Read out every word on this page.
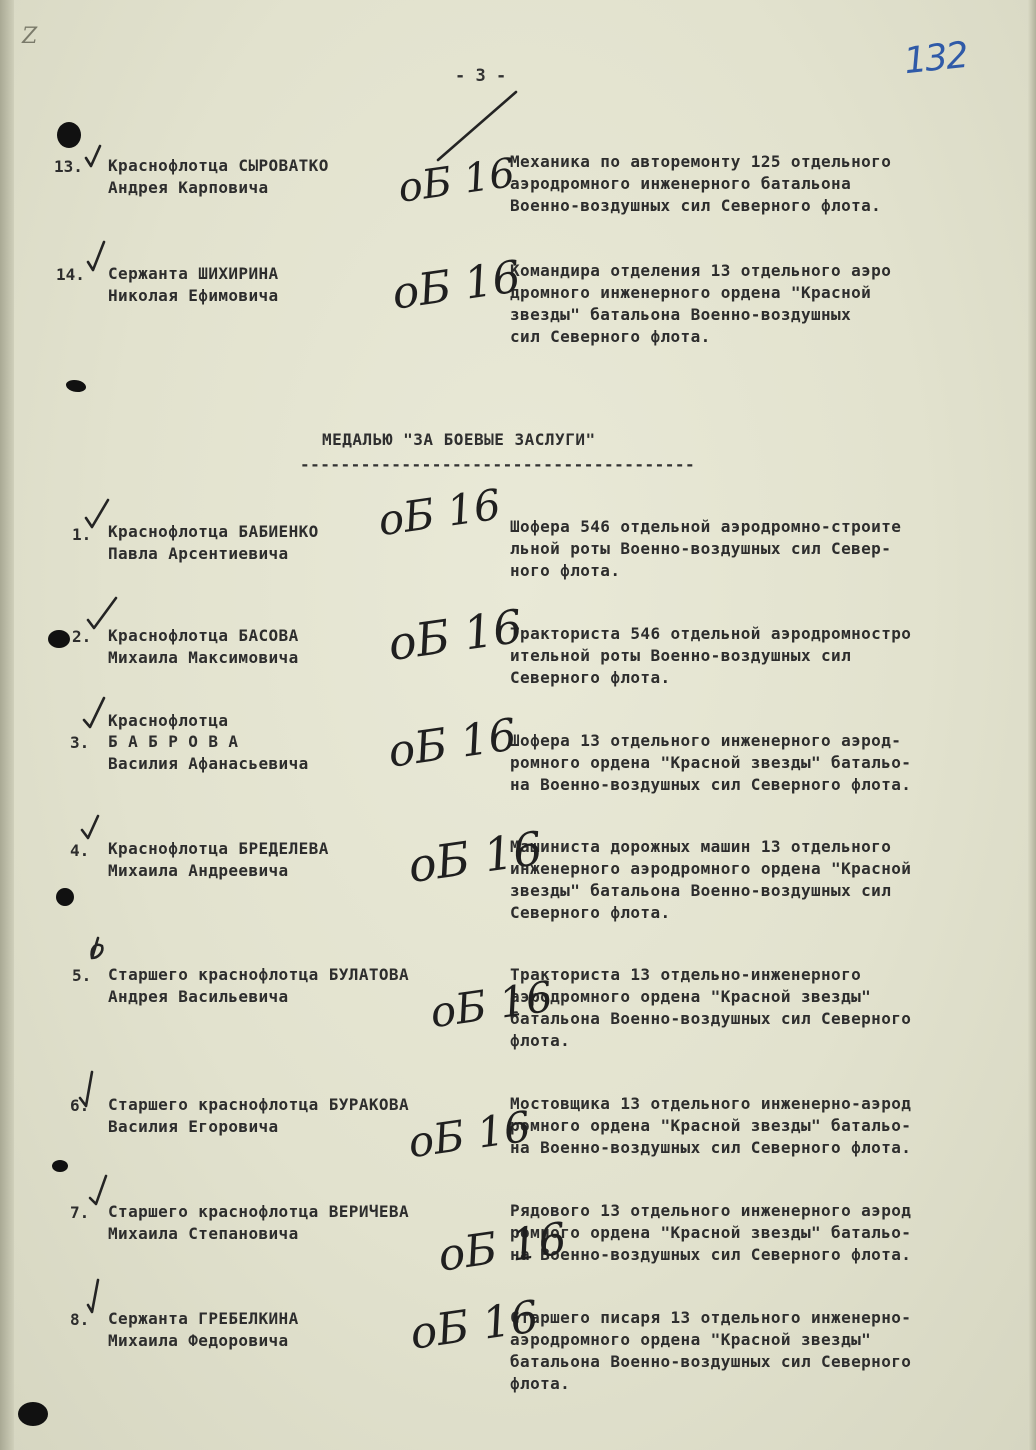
Z
- 3 -	132
13. Краснофлотца СЫРОВАТКО
Андрея Карповича
Механика по авторемонту 125 отдельного
аэродромного инженерного батальона
Военно-воздушных сил Северного флота.
14. Сержанта ШИХИРИНА
Николая Ефимовича
Командира отделения 13 отдельного аэро
дромного инженерного ордена "Красной
звезды" батальона Военно-воздушных
сил Северного флота.
МЕДАЛЬЮ "ЗА БОЕВЫЕ ЗАСЛУГИ"
---------------------------------------
1. Краснофлотца БАБИЕНКО
Павла Арсентиевича
Шофера 546 отдельной аэродромно-строите
льной роты Военно-воздушных сил Север-
ного флота.
2. Краснофлотца БАСОВА
Михаила Максимовича
Тракториста 546 отдельной аэродромностро
ительной роты Военно-воздушных сил
Северного флота.
3.
Краснофлотца
Б А Б Р О В А
Василия Афанасьевича
Шофера 13 отдельного инженерного аэрод-
ромного ордена "Красной звезды" батальо-
на Военно-воздушных сил Северного флота.
4. Краснофлотца БРЕДЕЛЕВА
Михаила Андреевича
Машиниста дорожных машин 13 отдельного
инженерного аэродромного ордена "Красной
звезды" батальона Военно-воздушных сил
Северного флота.
5. Старшего краснофлотца БУЛАТОВА
Андрея Васильевича
Тракториста 13 отдельно-инженерного
аэродромного ордена "Красной звезды"
батальона Военно-воздушных сил Северного
флота.
6. Старшего краснофлотца БУРАКОВА
Василия Егоровича
Мостовщика 13 отдельного инженерно-аэрод
ромного ордена "Красной звезды" батальо-
на Военно-воздушных сил Северного флота.
7. Старшего краснофлотца ВЕРИЧЕВА
Михаила Степановича
Рядового 13 отдельного инженерного аэрод
ромного ордена "Красной звезды" батальо-
на Военно-воздушных сил Северного флота.
8. Сержанта ГРЕБЕЛКИНА
Михаила Федоровича
Старшего писаря 13 отдельного инженерно-
аэродромного ордена "Красной звезды"
батальона Военно-воздушных сил Северного
флота.
оБ 16
оБ 16
оБ 16
оБ 16
оБ 16
оБ 16
оБ 16
оБ 16
оБ 16
оБ 16
